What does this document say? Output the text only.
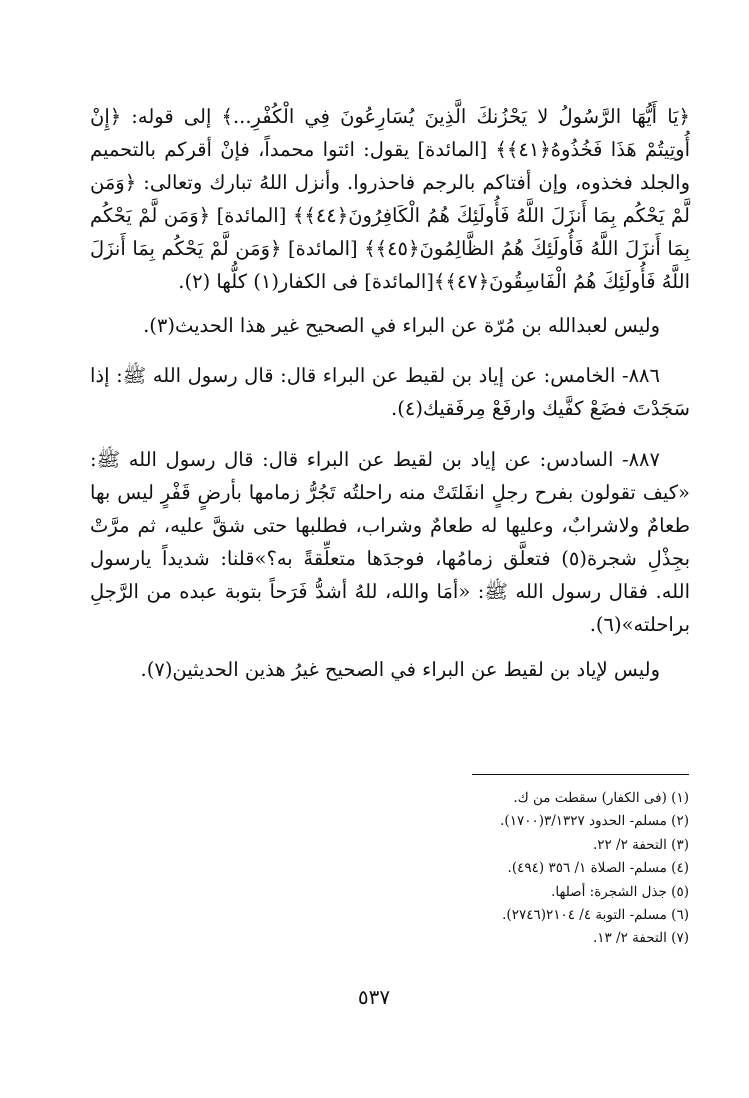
﴿يَا أَيُّهَا الرَّسُولُ لا يَحْزُنكَ الَّذِينَ يُسَارِعُونَ فِي الْكُفْرِ...﴾ إلى قوله: ﴿إِنْ أُوتِيتُمْ هَذَا فَخُذُوهُ﴿٤١﴾﴾ [المائدة] يقول: ائتوا محمداً، فإنْ أقركم بالتحميم والجلد فخذوه، وإن أفتاكم بالرجم فاحذروا. وأنزل اللهُ تبارك وتعالى: ﴿وَمَن لَّمْ يَحْكُم بِمَا أَنزَلَ اللَّهُ فَأُولَئِكَ هُمُ الْكَافِرُونَ﴿٤٤﴾﴾ [المائدة] ﴿وَمَن لَّمْ يَحْكُم بِمَا أَنزَلَ اللَّهُ فَأُولَئِكَ هُمُ الظَّالِمُونَ﴿٤٥﴾﴾ [المائدة] ﴿وَمَن لَّمْ يَحْكُم بِمَا أَنزَلَ اللَّهُ فَأُولَئِكَ هُمُ الْفَاسِقُونَ﴿٤٧﴾﴾[المائدة] فى الكفار(١) كلُّها (٢).

وليس لعبدالله بن مُرّة عن البراء في الصحيح غير هذا الحديث(٣).

٨٨٦- الخامس: عن إياد بن لقيط عن البراء قال: قال رسول الله ﷺ: إذا سَجَدْتَ فضَعْ كفَّيك وارفَعْ مِرفَقيك(٤).

٨٨٧- السادس: عن إياد بن لقيط عن البراء قال: قال رسول الله ﷺ: «كيف تقولون بفرح رجلٍ انفَلتَتْ منه راحلتُه تَجُرُّ زمامها بأرضٍ قَفْرٍ ليس بها طعامٌ ولاشرابٌ، وعليها له طعامٌ وشراب، فطلبها حتى شقَّ عليه، ثم مرَّتْ بجِذْلِ شجرة(٥) فتعلَّق زمامُها، فوجدَها متعلِّقةً به؟»قلنا: شديداً يارسول الله. فقال رسول الله ﷺ: «أمَا والله، للهُ أشدُّ فَرَحاً بتوبة عبده من الرَّجلِ براحلته»(٦).

وليس لإياد بن لقيط عن البراء في الصحيح غيرُ هذين الحديثين(٧).

(١) (فى الكفار) سقطت من ك.

(٢) مسلم- الحدود ٣/١٣٢٧(١٧٠٠).

(٣) التحفة ٢/ ٢٢.

(٤) مسلم- الصلاة ١/ ٣٥٦ (٤٩٤).

(٥) جذل الشجرة: أصلها.

(٦) مسلم- التوبة ٤/ ٢١٠٤(٢٧٤٦).

(٧) التحفة ٢/ ١٣.

٥٣٧
